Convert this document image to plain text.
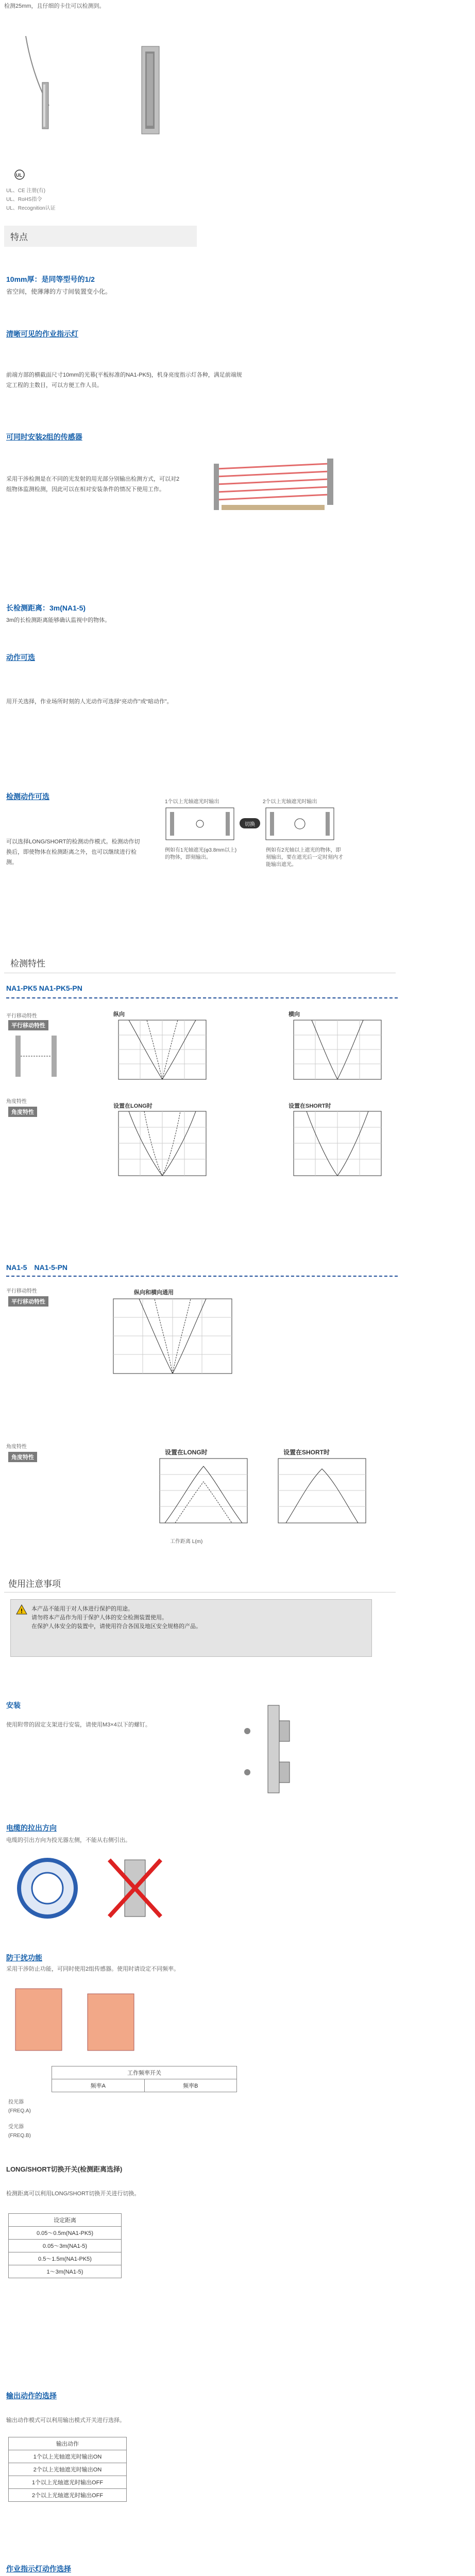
检测25mm，且仔细的卡住可以检测到。
UL
UL、CE 注册(有)
UL、RoHS指令
UL、Recognition认证
特点
10mm厚：是同等型号的1/2
省空间，使薄薄的方寸间装置变小化。
清晰可见的作业指示灯
前端方部的横截面尺寸10mm的光幕(平板标准的NA1-PK5)，机身亮度指示灯各种，满足前端规定工程的主数目，可以方便工作人员。
可同时安装2组的传感器
采用干涉检测是在不同的光发射的用光部分别输出检测方式，可以对2组物体监测检测，因此可以在相对安装条件的情况下使用工作。
长检测距离：3m(NA1-5)
3m的长检测距离能够确认监视中的物体。
动作可选
用开关选择，作业场所时刻的人光动作可选择“亮动作”或“暗动作”。
检测动作可选
可以选择LONG/SHORT的检测动作模式。检测动作切换后，即使物体在检测距离之外，也可以继续进行检测。
1个以上光轴遮光时输出	2个以上光轴遮光时输出
切换
例如有1光轴遮光(φ3.8mm以上)的物体，即刻输出。
例如有2光轴以上遮光的物体，即刻输出，要在遮光后一定时刻内才能输出遮光。
检测特性
NA1-PK5 NA1-PK5-PN
平行移动特性
平行移动特性
纵向	横向
角度特性
角度特性
设置在LONG时	设置在SHORT时
NA1-5　NA1-5-PN
平行移动特性
平行移动特性
纵向和横向通用
角度特性
角度特性
设置在LONG时	设置在SHORT时
工作距离 L(m)
使用注意事项
! 本产品不能用于对人体进行保护的用途。
请勿将本产品作为用于保护人体的安全检测装置使用。
在保护人体安全的装置中，请使用符合各国及地区安全规格的产品。
安装
使用附带的固定支架进行安装，请使用M3×4以下的螺钉。
电缆的拉出方向
电缆的引出方向为投光器左侧，不能从右侧引出。
防干扰功能
采用干涉防止功能，可同时使用2组传感器。使用时请设定不同频率。
工作频率开关
频率A	频率B
投光器
(FREQ.A)
受光器
(FREQ.B)
LONG/SHORT切换开关(检测距离选择)
检测距离可以利用LONG/SHORT切换开关进行切换。
设定距离
0.05～0.5m(NA1-PK5)
0.05～3m(NA1-5)
0.5～1.5m(NA1-PK5)
1～3m(NA1-5)
输出动作的选择
输出动作模式可以利用输出模式开关进行选择。
输出动作
1个以上光轴遮光时输出ON
2个以上光轴遮光时输出ON
1个以上光轴遮光时输出OFF
2个以上光轴遮光时输出OFF
作业指示灯动作选择
